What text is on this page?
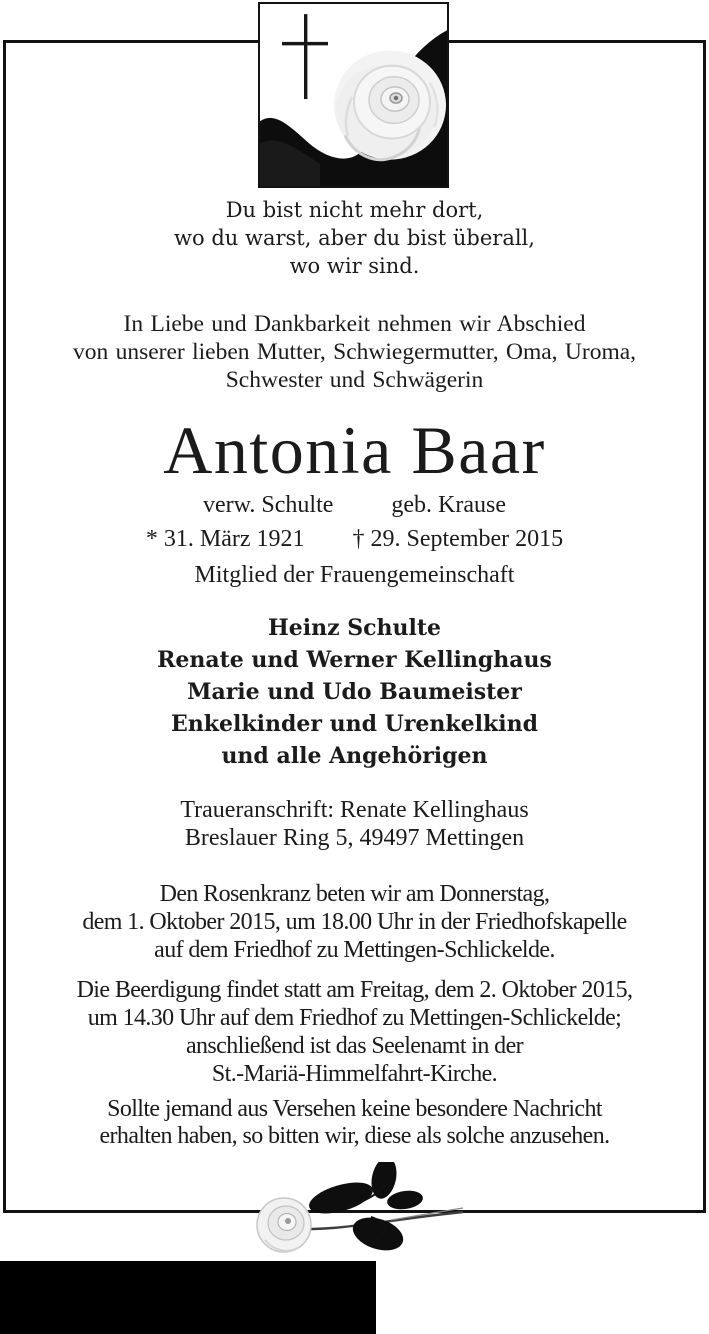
Du bist nicht mehr dort,
wo du warst, aber du bist überall,
wo wir sind.
In Liebe und Dankbarkeit nehmen wir Abschied
von unserer lieben Mutter, Schwiegermutter, Oma, Uroma,
Schwester und Schwägerin
Antonia Baar
verw. Schulte geb. Krause
* 31. März 1921 † 29. September 2015
Mitglied der Frauengemeinschaft
Heinz Schulte
Renate und Werner Kellinghaus
Marie und Udo Baumeister
Enkelkinder und Urenkelkind
und alle Angehörigen
Traueranschrift: Renate Kellinghaus
Breslauer Ring 5, 49497 Mettingen
Den Rosenkranz beten wir am Donnerstag,
dem 1. Oktober 2015, um 18.00 Uhr in der Friedhofskapelle
auf dem Friedhof zu Mettingen-Schlickelde.
Die Beerdigung findet statt am Freitag, dem 2. Oktober 2015,
um 14.30 Uhr auf dem Friedhof zu Mettingen-Schlickelde;
anschließend ist das Seelenamt in der
St.-Mariä-Himmelfahrt-Kirche.
Sollte jemand aus Versehen keine besondere Nachricht
erhalten haben, so bitten wir, diese als solche anzusehen.
